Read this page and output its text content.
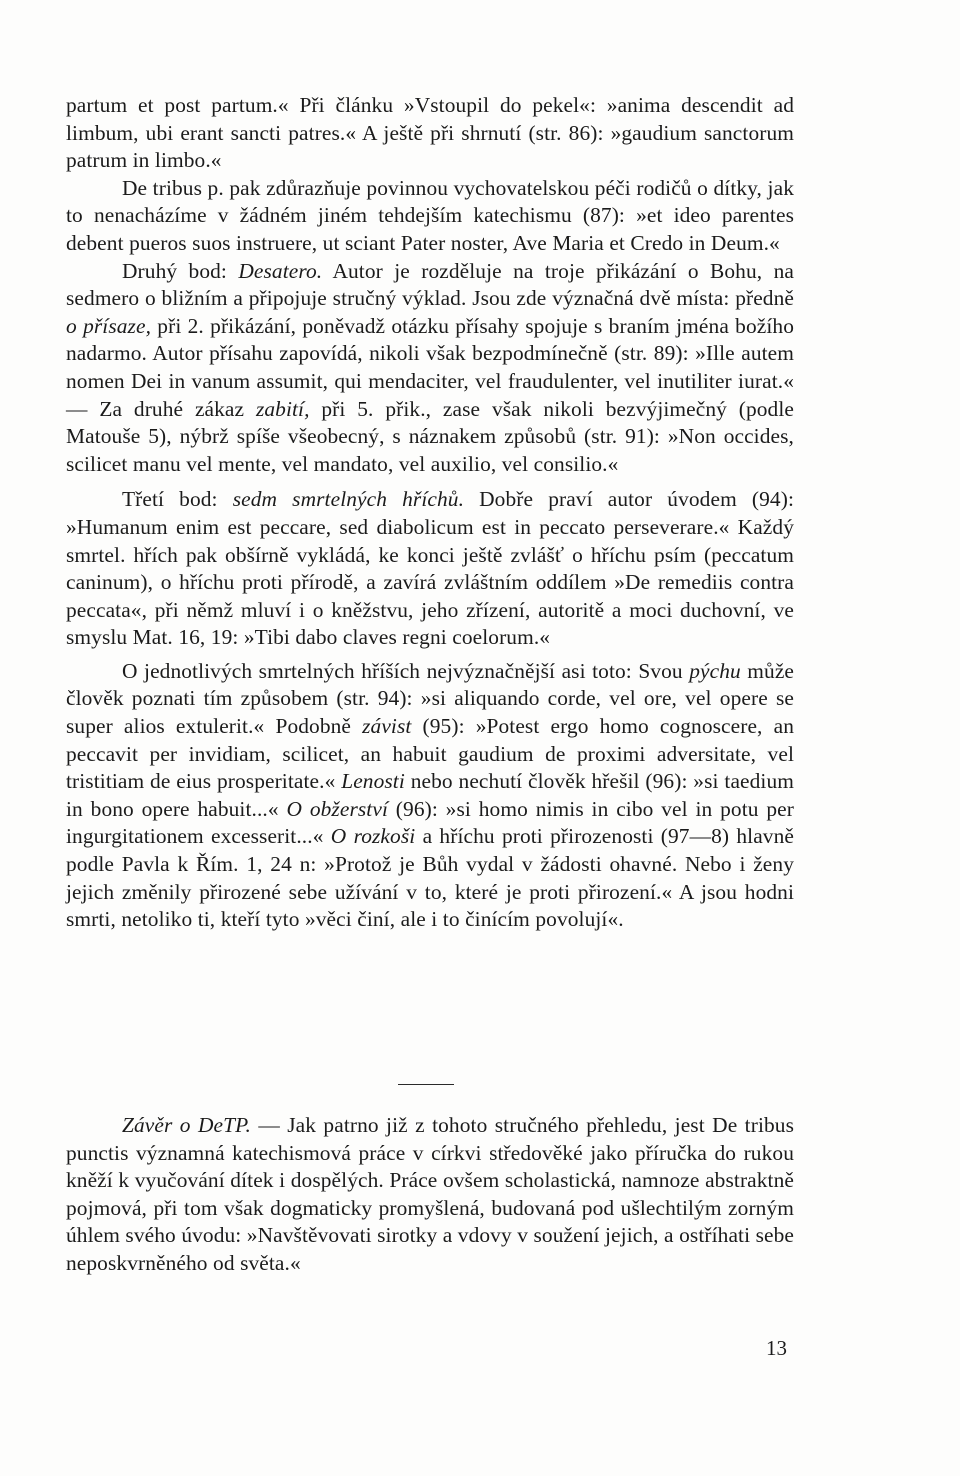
partum et post partum.« Při článku »Vstoupil do pekel«: »anima descendit ad limbum, ubi erant sancti patres.« A ještě při shrnutí (str. 86): »gaudium sanctorum patrum in limbo.«

De tribus p. pak zdůrazňuje povinnou vychovatelskou péči rodičů o dítky, jak to nenacházíme v žádném jiném tehdejším katechismu (87): »et ideo parentes debent pueros suos instruere, ut sciant Pater noster, Ave Maria et Credo in Deum.«

Druhý bod: Desatero. Autor je rozděluje na troje přikázání o Bohu, na sedmero o bližním a připojuje stručný výklad. Jsou zde význačná dvě místa: předně o přísaze, při 2. přikázání, poněvadž otázku přísahy spojuje s braním jména božího nadarmo. Autor přísahu zapovídá, nikoli však bezpodmínečně (str. 89): »Ille autem nomen Dei in vanum assumit, qui mendaciter, vel fraudulenter, vel inutiliter iurat.« — Za druhé zákaz zabití, při 5. přik., zase však nikoli bezvýjimečný (podle Matouše 5), nýbrž spíše všeobecný, s náznakem způsobů (str. 91): »Non occides, scilicet manu vel mente, vel mandato, vel auxilio, vel consilio.«

Třetí bod: sedm smrtelných hříchů. Dobře praví autor úvodem (94): »Humanum enim est peccare, sed diabolicum est in peccato perseverare.« Každý smrtel. hřích pak obšírně vykládá, ke konci ještě zvlášť o hříchu psím (peccatum caninum), o hříchu proti přírodě, a zavírá zvláštním oddílem »De remediis contra peccata«, při němž mluví i o kněžstvu, jeho zřízení, autoritě a moci duchovní, ve smyslu Mat. 16, 19: »Tibi dabo claves regni coelorum.«

O jednotlivých smrtelných hříších nejvýznačnější asi toto: Svou pýchu může člověk poznati tím způsobem (str. 94): »si aliquando corde, vel ore, vel opere se super alios extulerit.« Podobně závist (95): »Potest ergo homo cognoscere, an peccavit per invidiam, scilicet, an habuit gaudium de proximi adversitate, vel tristitiam de eius prosperitate.« Lenosti nebo nechutí člověk hřešil (96): »si taedium in bono opere habuit...« O obžerství (96): »si homo nimis in cibo vel in potu per ingurgitationem excesserit...« O rozkoši a hříchu proti přirozenosti (97—8) hlavně podle Pavla k Řím. 1, 24 n: »Protož je Bůh vydal v žádosti ohavné. Nebo i ženy jejich změnily přirozené sebe užívání v to, které je proti přirození.« A jsou hodni smrti, netoliko ti, kteří tyto »věci činí, ale i to činícím povolují«.

Závěr o DeTP. — Jak patrno již z tohoto stručného přehledu, jest De tribus punctis významná katechismová práce v církvi středověké jako příručka do rukou kněží k vyučování dítek i dospělých. Práce ovšem scholastická, namnoze abstraktně pojmová, při tom však dogmaticky promyšlená, budovaná pod ušlechtilým zorným úhlem svého úvodu: »Navštěvovati sirotky a vdovy v soužení jejich, a ostříhati sebe neposkvrněného od světa.«

13
